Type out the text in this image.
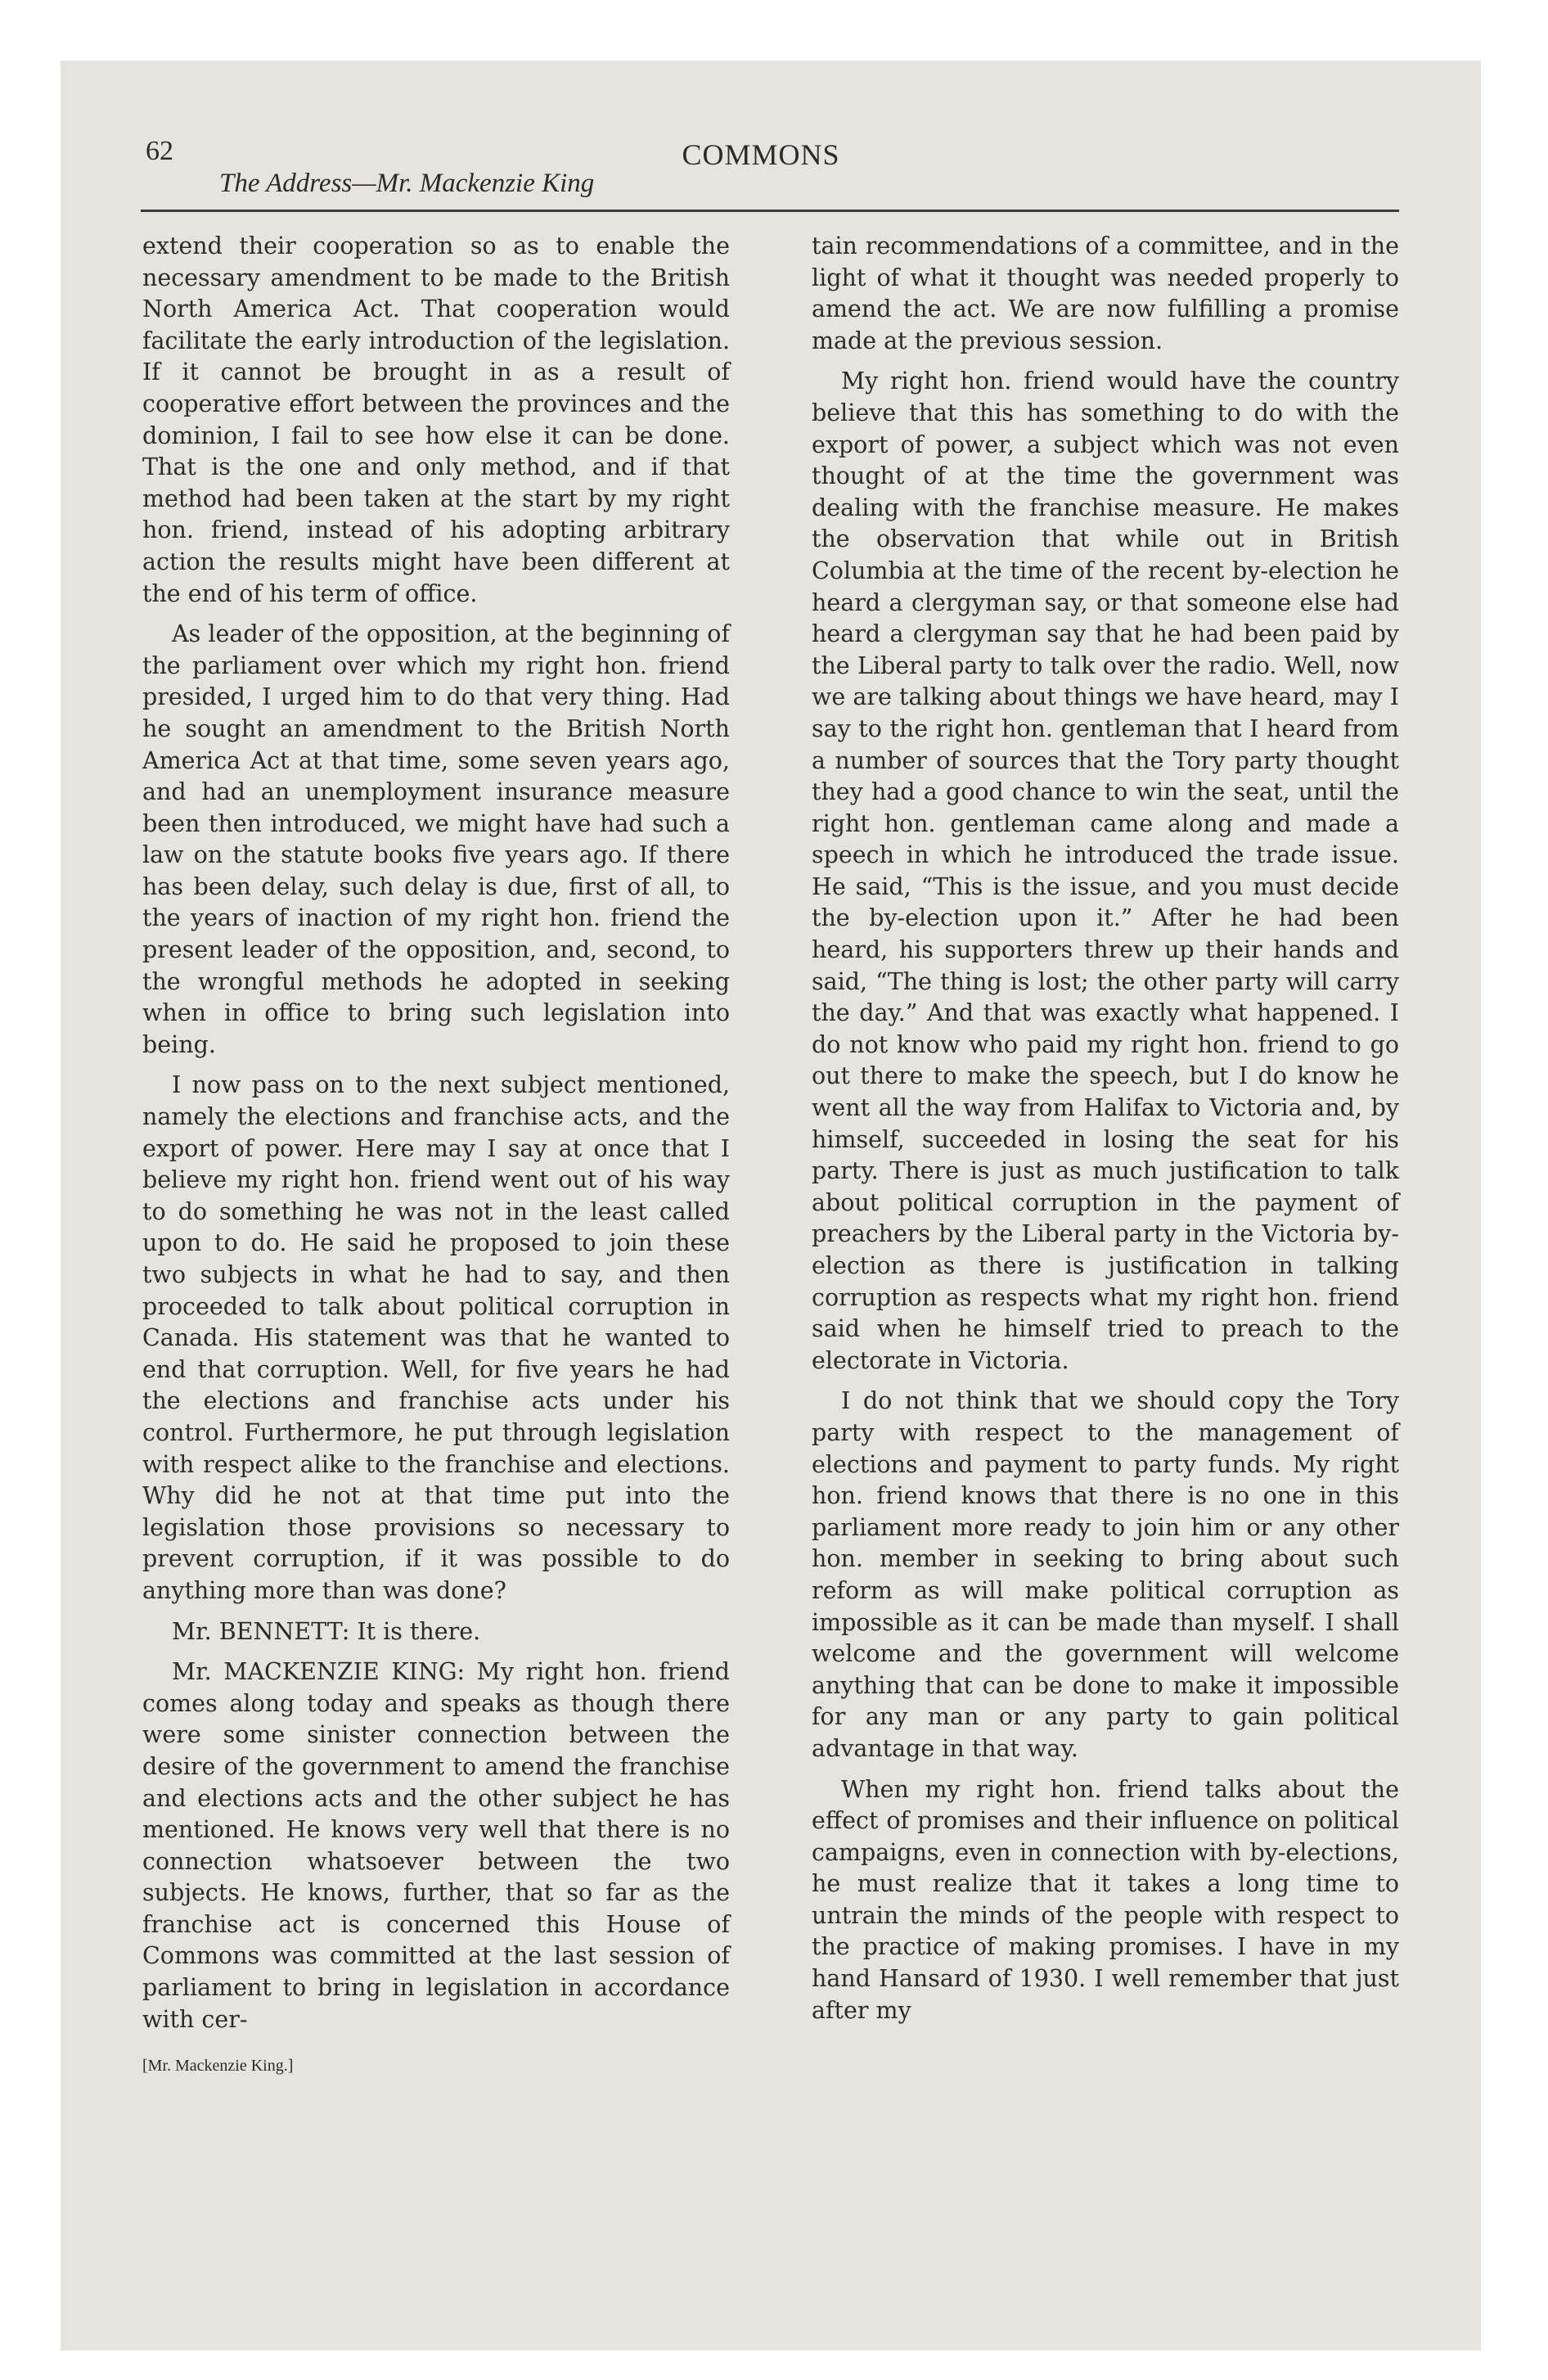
62	COMMONS
The Address—Mr. Mackenzie King

extend their cooperation so as to enable the necessary amendment to be made to the British North America Act. That cooperation would facilitate the early introduction of the legislation. If it cannot be brought in as a result of cooperative effort between the provinces and the dominion, I fail to see how else it can be done. That is the one and only method, and if that method had been taken at the start by my right hon. friend, instead of his adopting arbitrary action the results might have been different at the end of his term of office.

As leader of the opposition, at the beginning of the parliament over which my right hon. friend presided, I urged him to do that very thing. Had he sought an amendment to the British North America Act at that time, some seven years ago, and had an unemployment insurance measure been then introduced, we might have had such a law on the statute books five years ago. If there has been delay, such delay is due, first of all, to the years of inaction of my right hon. friend the present leader of the opposition, and, second, to the wrongful methods he adopted in seeking when in office to bring such legislation into being.

I now pass on to the next subject mentioned, namely the elections and franchise acts, and the export of power. Here may I say at once that I believe my right hon. friend went out of his way to do something he was not in the least called upon to do. He said he proposed to join these two subjects in what he had to say, and then proceeded to talk about political corruption in Canada. His statement was that he wanted to end that corruption. Well, for five years he had the elections and franchise acts under his control. Furthermore, he put through legislation with respect alike to the franchise and elections. Why did he not at that time put into the legislation those provisions so necessary to prevent corruption, if it was possible to do anything more than was done?

Mr. BENNETT: It is there.

Mr. MACKENZIE KING: My right hon. friend comes along today and speaks as though there were some sinister connection between the desire of the government to amend the franchise and elections acts and the other subject he has mentioned. He knows very well that there is no connection whatsoever between the two subjects. He knows, further, that so far as the franchise act is concerned this House of Commons was committed at the last session of parliament to bring in legislation in accordance with cer-

[Mr. Mackenzie King.]

tain recommendations of a committee, and in the light of what it thought was needed properly to amend the act. We are now fulfilling a promise made at the previous session.

My right hon. friend would have the country believe that this has something to do with the export of power, a subject which was not even thought of at the time the government was dealing with the franchise measure. He makes the observation that while out in British Columbia at the time of the recent by-election he heard a clergyman say, or that someone else had heard a clergyman say that he had been paid by the Liberal party to talk over the radio. Well, now we are talking about things we have heard, may I say to the right hon. gentleman that I heard from a number of sources that the Tory party thought they had a good chance to win the seat, until the right hon. gentleman came along and made a speech in which he introduced the trade issue. He said, “This is the issue, and you must decide the by-election upon it.” After he had been heard, his supporters threw up their hands and said, “The thing is lost; the other party will carry the day.” And that was exactly what happened. I do not know who paid my right hon. friend to go out there to make the speech, but I do know he went all the way from Halifax to Victoria and, by himself, succeeded in losing the seat for his party. There is just as much justification to talk about political corruption in the payment of preachers by the Liberal party in the Victoria by-election as there is justification in talking corruption as respects what my right hon. friend said when he himself tried to preach to the electorate in Victoria.

I do not think that we should copy the Tory party with respect to the management of elections and payment to party funds. My right hon. friend knows that there is no one in this parliament more ready to join him or any other hon. member in seeking to bring about such reform as will make political corruption as impossible as it can be made than myself. I shall welcome and the government will welcome anything that can be done to make it impossible for any man or any party to gain political advantage in that way.

When my right hon. friend talks about the effect of promises and their influence on political campaigns, even in connection with by-elections, he must realize that it takes a long time to untrain the minds of the people with respect to the practice of making promises. I have in my hand Hansard of 1930. I well remember that just after my
